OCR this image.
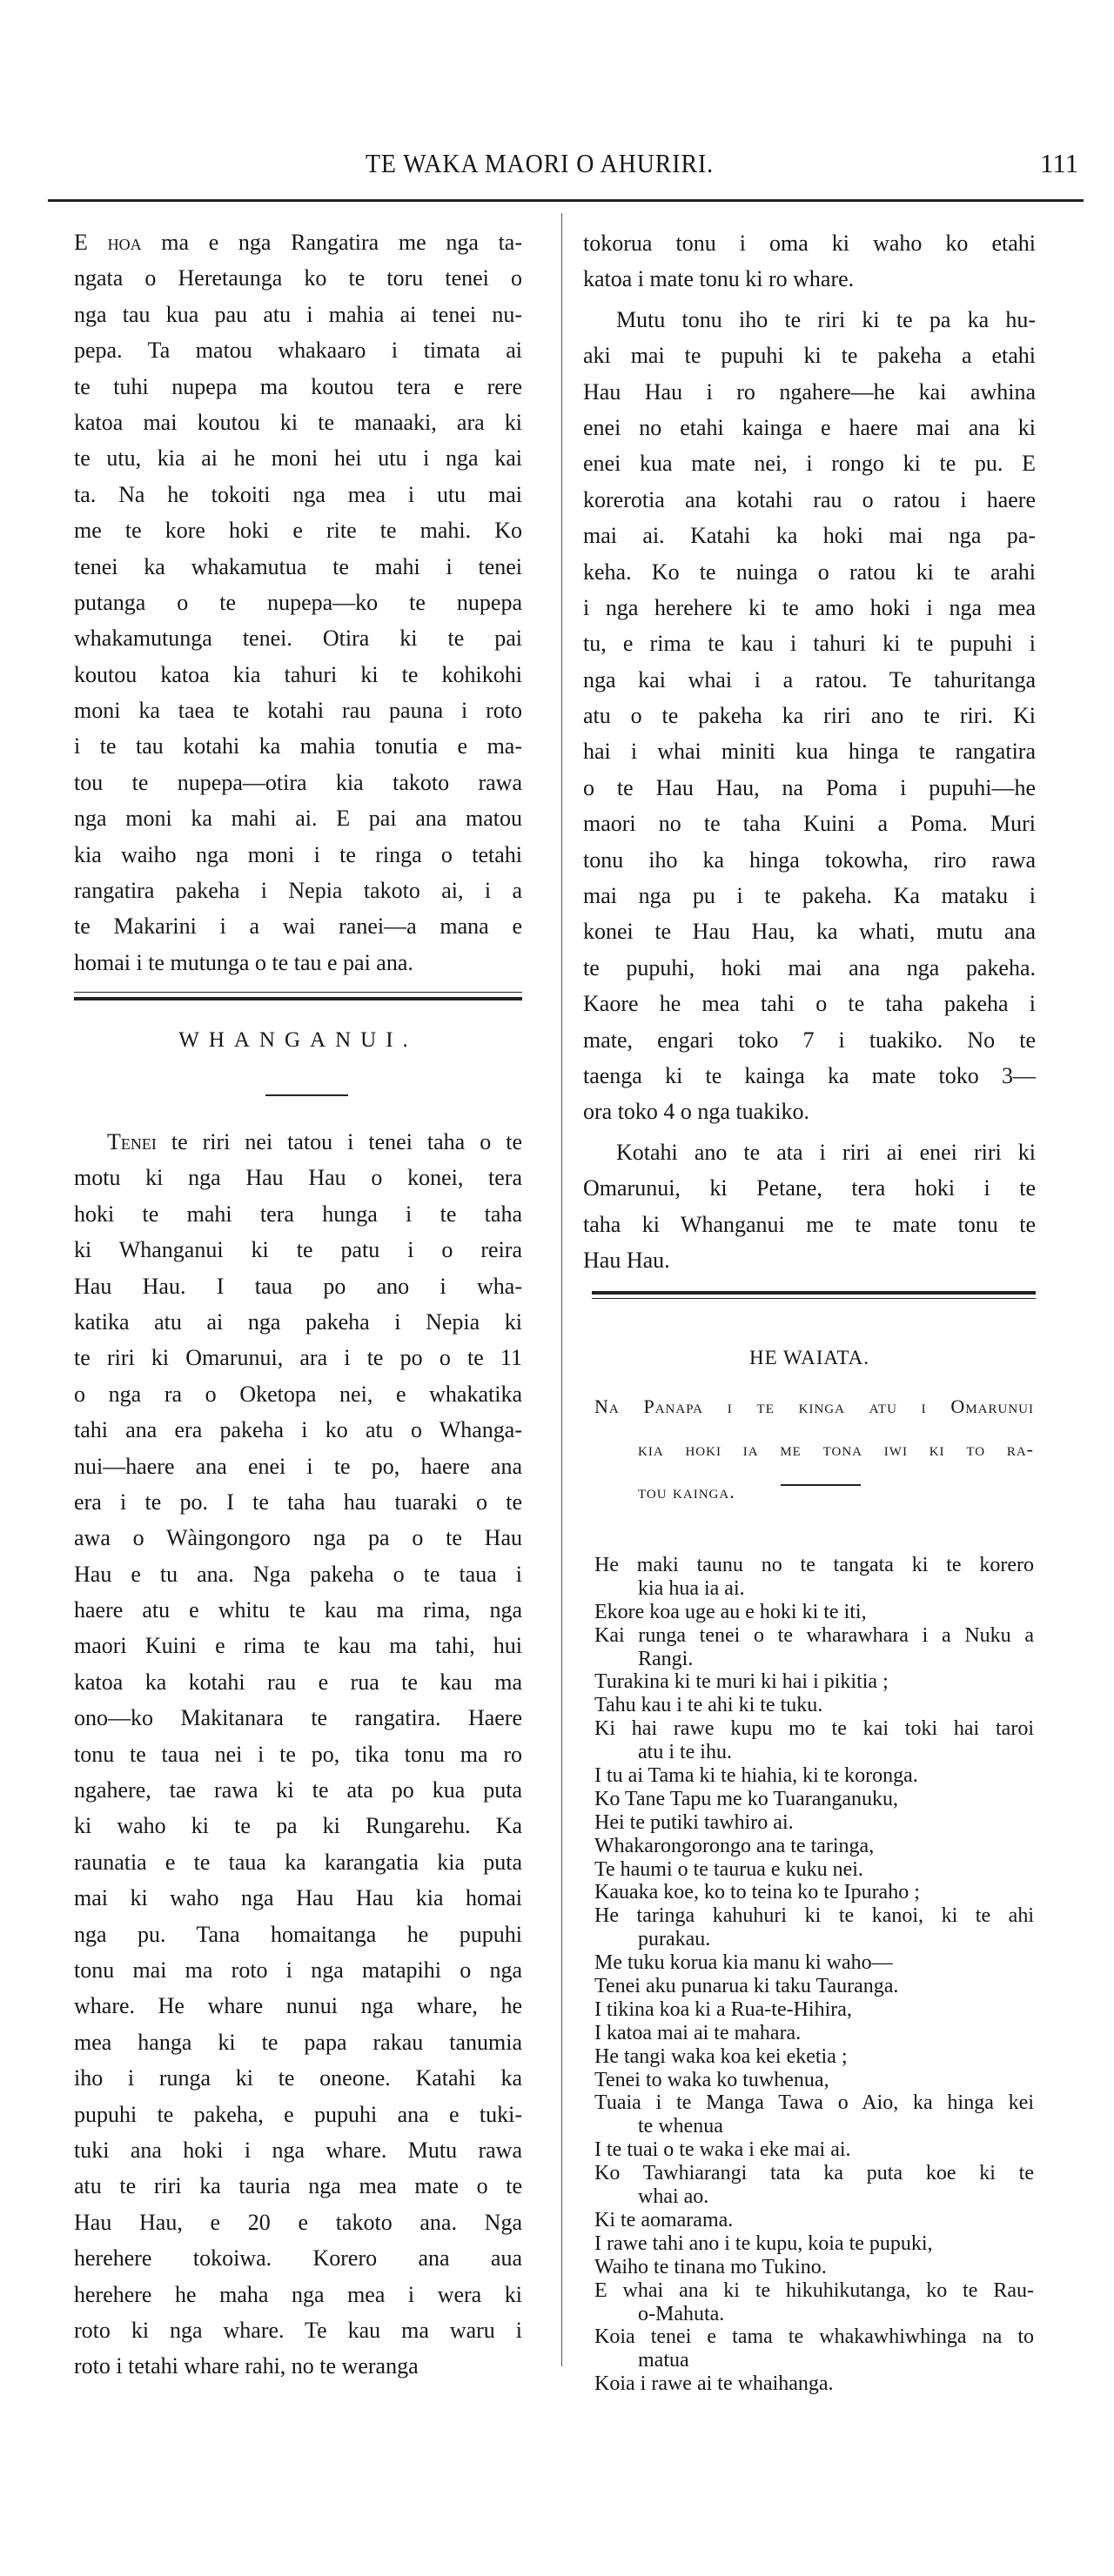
TE WAKA MAORI O AHURIRI.	111
E hoa ma e nga Rangatira me nga ta-
ngata o Heretaunga ko te toru tenei o
nga tau kua pau atu i mahia ai tenei nu-
pepa. Ta matou whakaaro i timata ai
te tuhi nupepa ma koutou tera e rere
katoa mai koutou ki te manaaki, ara ki
te utu, kia ai he moni hei utu i nga kai
ta. Na he tokoiti nga mea i utu mai
me te kore hoki e rite te mahi. Ko
tenei ka whakamutua te mahi i tenei
putanga o te nupepa—ko te nupepa
whakamutunga tenei. Otira ki te pai
koutou katoa kia tahuri ki te kohikohi
moni ka taea te kotahi rau pauna i roto
i te tau kotahi ka mahia tonutia e ma-
tou te nupepa—otira kia takoto rawa
nga moni ka mahi ai. E pai ana matou
kia waiho nga moni i te ringa o tetahi
rangatira pakeha i Nepia takoto ai, i a
te Makarini i a wai ranei—a mana e
homai i te mutunga o te tau e pai ana.
WHANGANUI.
Tenei te riri nei tatou i tenei taha o te
motu ki nga Hau Hau o konei, tera
hoki te mahi tera hunga i te taha
ki Whanganui ki te patu i o reira
Hau Hau. I taua po ano i wha-
katika atu ai nga pakeha i Nepia ki
te riri ki Omarunui, ara i te po o te 11
o nga ra o Oketopa nei, e whakatika
tahi ana era pakeha i ko atu o Whanga-
nui—haere ana enei i te po, haere ana
era i te po. I te taha hau tuaraki o te
awa o Wàingongoro nga pa o te Hau
Hau e tu ana. Nga pakeha o te taua i
haere atu e whitu te kau ma rima, nga
maori Kuini e rima te kau ma tahi, hui
katoa ka kotahi rau e rua te kau ma
ono—ko Makitanara te rangatira. Haere
tonu te taua nei i te po, tika tonu ma ro
ngahere, tae rawa ki te ata po kua puta
ki waho ki te pa ki Rungarehu. Ka
raunatia e te taua ka karangatia kia puta
mai ki waho nga Hau Hau kia homai
nga pu. Tana homaitanga he pupuhi
tonu mai ma roto i nga matapihi o nga
whare. He whare nunui nga whare, he
mea hanga ki te papa rakau tanumia
iho i runga ki te oneone. Katahi ka
pupuhi te pakeha, e pupuhi ana e tuki-
tuki ana hoki i nga whare. Mutu rawa
atu te riri ka tauria nga mea mate o te
Hau Hau, e 20 e takoto ana. Nga
herehere tokoiwa. Korero ana aua
herehere he maha nga mea i wera ki
roto ki nga whare. Te kau ma waru i
roto i tetahi whare rahi, no te weranga
tokorua tonu i oma ki waho ko etahi
katoa i mate tonu ki ro whare.
Mutu tonu iho te riri ki te pa ka hu-
aki mai te pupuhi ki te pakeha a etahi
Hau Hau i ro ngahere—he kai awhina
enei no etahi kainga e haere mai ana ki
enei kua mate nei, i rongo ki te pu. E
korerotia ana kotahi rau o ratou i haere
mai ai. Katahi ka hoki mai nga pa-
keha. Ko te nuinga o ratou ki te arahi
i nga herehere ki te amo hoki i nga mea
tu, e rima te kau i tahuri ki te pupuhi i
nga kai whai i a ratou. Te tahuritanga
atu o te pakeha ka riri ano te riri. Ki
hai i whai miniti kua hinga te rangatira
o te Hau Hau, na Poma i pupuhi—he
maori no te taha Kuini a Poma. Muri
tonu iho ka hinga tokowha, riro rawa
mai nga pu i te pakeha. Ka mataku i
konei te Hau Hau, ka whati, mutu ana
te pupuhi, hoki mai ana nga pakeha.
Kaore he mea tahi o te taha pakeha i
mate, engari toko 7 i tuakiko. No te
taenga ki te kainga ka mate toko 3—
ora toko 4 o nga tuakiko.
Kotahi ano te ata i riri ai enei riri ki
Omarunui, ki Petane, tera hoki i te
taha ki Whanganui me te mate tonu te
Hau Hau.
HE WAIATA.
Na Panapa i te kinga atu i Omarunui
kia hoki ia me tona iwi ki to ra-
tou kainga.
He maki taunu no te tangata ki te korero
kia hua ia ai.
Ekore koa uge au e hoki ki te iti,
Kai runga tenei o te wharawhara i a Nuku a
Rangi.
Turakina ki te muri ki hai i pikitia ;
Tahu kau i te ahi ki te tuku.
Ki hai rawe kupu mo te kai toki hai taroi
atu i te ihu.
I tu ai Tama ki te hiahia, ki te koronga.
Ko Tane Tapu me ko Tuaranganuku,
Hei te putiki tawhiro ai.
Whakarongorongo ana te taringa,
Te haumi o te taurua e kuku nei.
Kauaka koe, ko to teina ko te Ipuraho ;
He taringa kahuhuri ki te kanoi, ki te ahi
purakau.
Me tuku korua kia manu ki waho—
Tenei aku punarua ki taku Tauranga.
I tikina koa ki a Rua-te-Hihira,
I katoa mai ai te mahara.
He tangi waka koa kei eketia ;
Tenei to waka ko tuwhenua,
Tuaia i te Manga Tawa o Aio, ka hinga kei
te whenua
I te tuai o te waka i eke mai ai.
Ko Tawhiarangi tata ka puta koe ki te
whai ao.
Ki te aomarama.
I rawe tahi ano i te kupu, koia te pupuki,
Waiho te tinana mo Tukino.
E whai ana ki te hikuhikutanga, ko te Rau-
o-Mahuta.
Koia tenei e tama te whakawhiwhinga na to
matua
Koia i rawe ai te whaihanga.
